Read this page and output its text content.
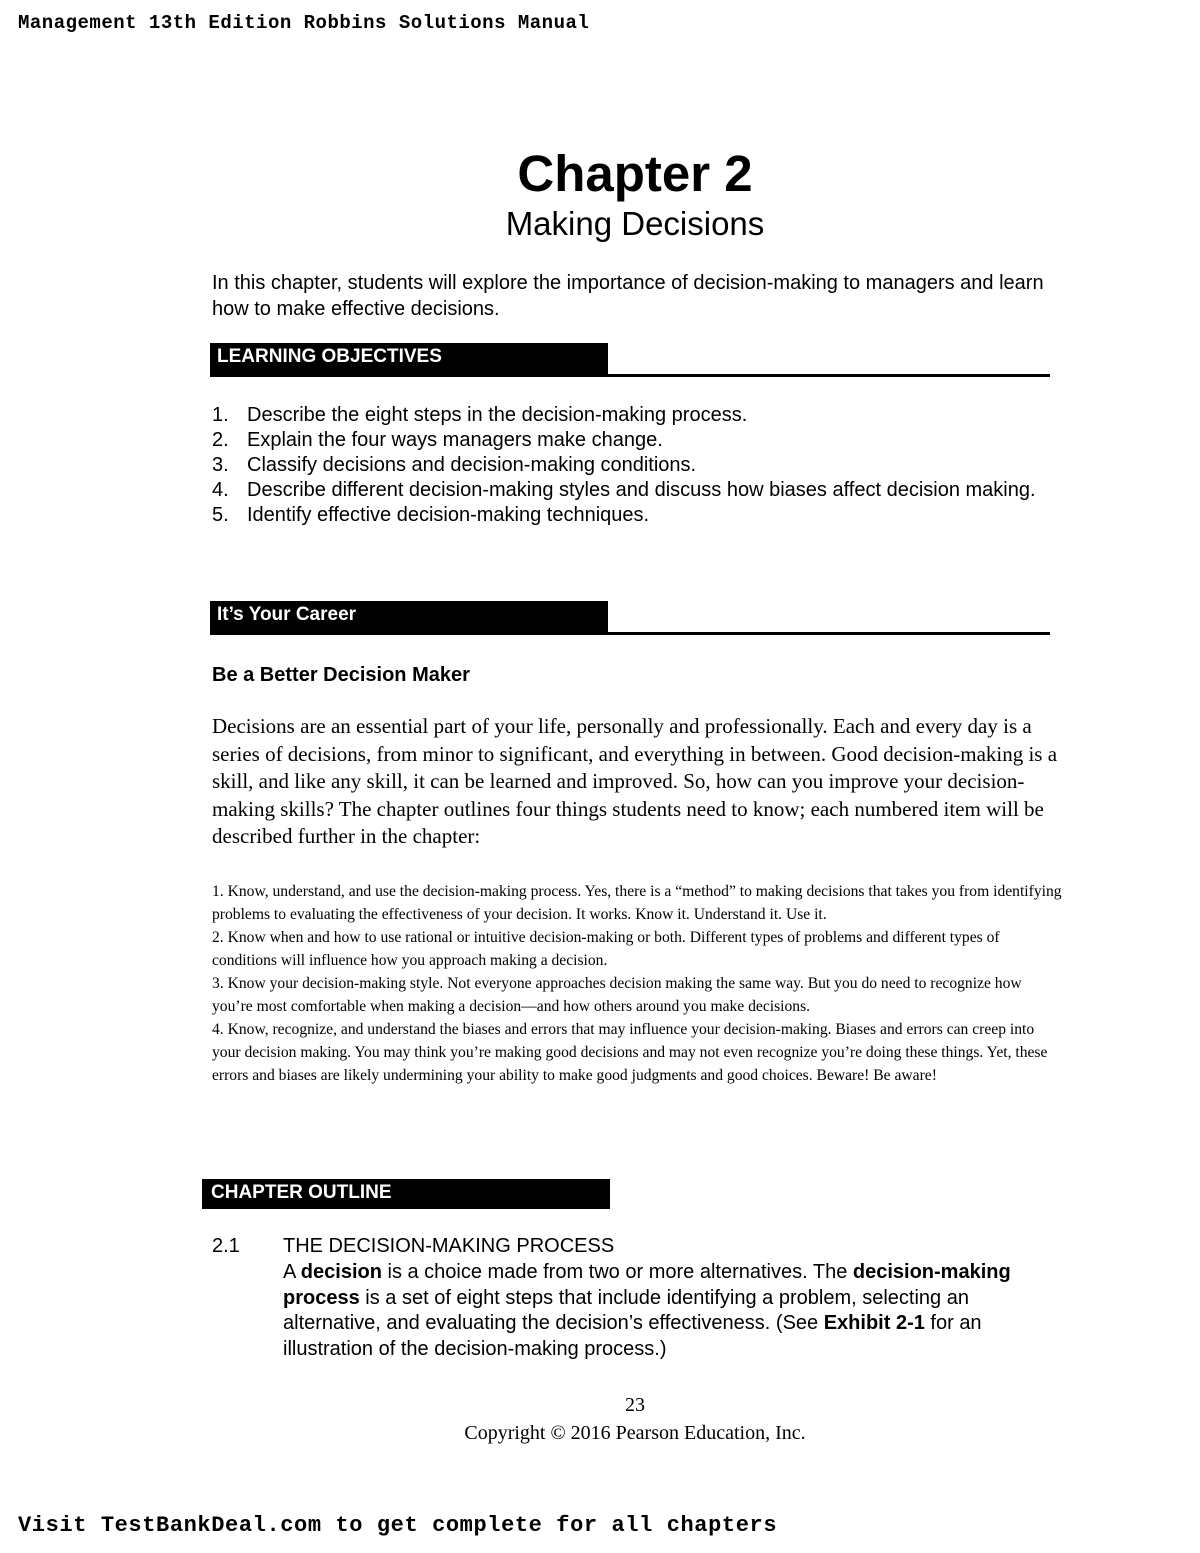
Management 13th Edition Robbins Solutions Manual
Chapter 2
Making Decisions
In this chapter, students will explore the importance of decision-making to managers and learn how to make effective decisions.
LEARNING OBJECTIVES
1. Describe the eight steps in the decision-making process.
2. Explain the four ways managers make change.
3. Classify decisions and decision-making conditions.
4. Describe different decision-making styles and discuss how biases affect decision making.
5. Identify effective decision-making techniques.
It’s Your Career
Be a Better Decision Maker
Decisions are an essential part of your life, personally and professionally. Each and every day is a series of decisions, from minor to significant, and everything in between. Good decision-making is a skill, and like any skill, it can be learned and improved. So, how can you improve your decision-making skills? The chapter outlines four things students need to know; each numbered item will be described further in the chapter:

1. Know, understand, and use the decision-making process. Yes, there is a “method” to making decisions that takes you from identifying problems to evaluating the effectiveness of your decision. It works. Know it. Understand it. Use it.

2. Know when and how to use rational or intuitive decision-making or both. Different types of problems and different types of conditions will influence how you approach making a decision.

3. Know your decision-making style. Not everyone approaches decision making the same way. But you do need to recognize how you’re most comfortable when making a decision—and how others around you make decisions.

4. Know, recognize, and understand the biases and errors that may influence your decision-making. Biases and errors can creep into your decision making. You may think you’re making good decisions and may not even recognize you’re doing these things. Yet, these errors and biases are likely undermining your ability to make good judgments and good choices. Beware! Be aware!

CHAPTER OUTLINE
2.1 THE DECISION-MAKING PROCESS
A decision is a choice made from two or more alternatives. The decision-making process is a set of eight steps that include identifying a problem, selecting an alternative, and evaluating the decision’s effectiveness. (See Exhibit 2-1 for an illustration of the decision-making process.)
23
Copyright © 2016 Pearson Education, Inc.
Visit TestBankDeal.com to get complete for all chapters
